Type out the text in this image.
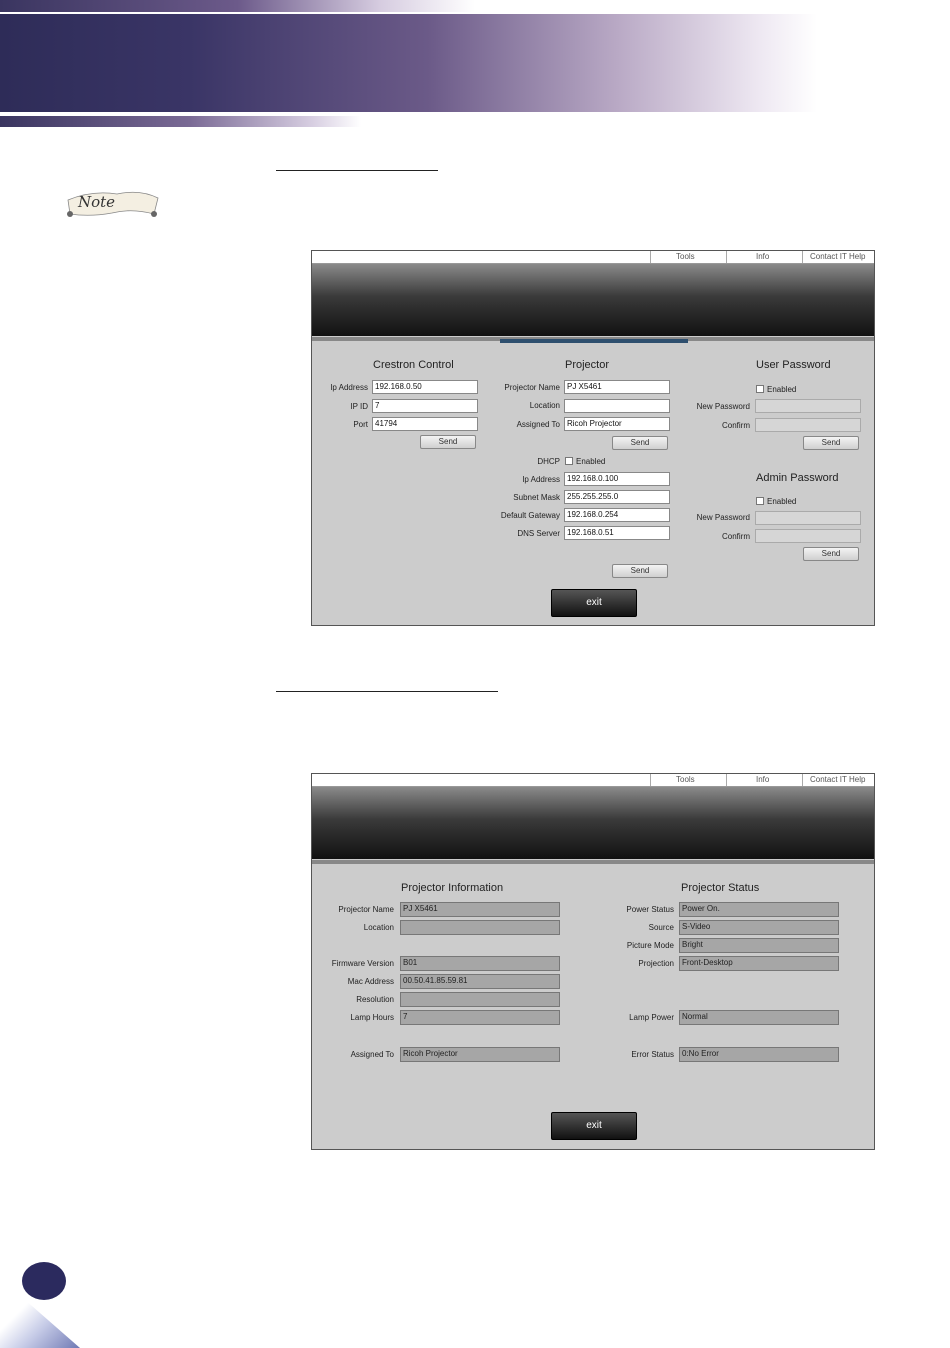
Note
Tools	Info	Contact IT Help
Crestron Control
Ip Address 192.168.0.50
IP ID 7
Port 41794
Send
Projector
Projector Name PJ X5461
Location
Assigned To Ricoh Projector
Send
DHCP Enabled
Ip Address 192.168.0.100
Subnet Mask 255.255.255.0
Default Gateway 192.168.0.254
DNS Server 192.168.0.51
Send
User Password
Enabled
New Password
Confirm
Send
Admin Password
Enabled
New Password
Confirm
Send
exit
Tools	Info	Contact IT Help
Projector Information
Projector Name	PJ X5461
Location
Firmware Version	B01
Mac Address	00.50.41.85.59.81
Resolution
Lamp Hours	7
Assigned To	Ricoh Projector
Projector Status
Power Status	Power On.
Source	S-Video
Picture Mode	Bright
Projection	Front-Desktop
Lamp Power	Normal
Error Status	0:No Error
exit
